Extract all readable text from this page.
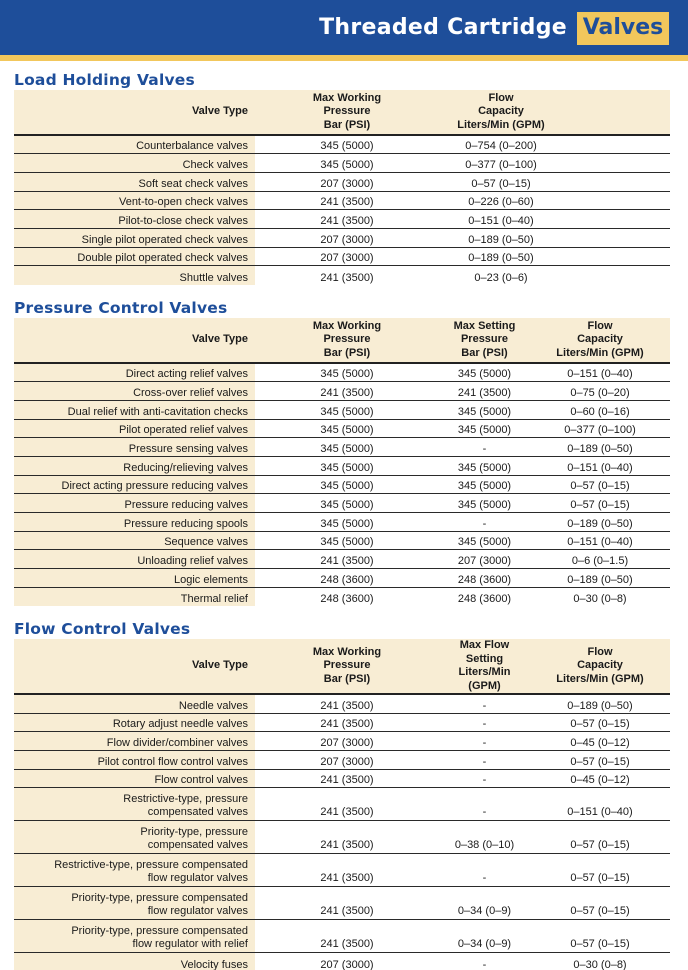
Threaded Cartridge Valves
Load Holding Valves
Valve Type	Max Working
Pressure
Bar (PSI)	Flow
Capacity
Liters/Min (GPM)	
Counterbalance valves	345 (5000)	0–754 (0–200)	
Check valves	345 (5000)	0–377 (0–100)	
Soft seat check valves	207 (3000)	0–57 (0–15)	
Vent-to-open check valves	241 (3500)	0–226 (0–60)	
Pilot-to-close check valves	241 (3500)	0–151 (0–40)	
Single pilot operated check valves	207 (3000)	0–189 (0–50)	
Double pilot operated check valves	207 (3000)	0–189 (0–50)	
Shuttle valves	241 (3500)	0–23 (0–6)	
Pressure Control Valves
Valve Type	Max Working
Pressure
Bar (PSI)	Max Setting
Pressure
Bar (PSI)	Flow
Capacity
Liters/Min (GPM)
Direct acting relief valves	345 (5000)	345 (5000)	0–151 (0–40)
Cross-over relief valves	241 (3500)	241 (3500)	0–75 (0–20)
Dual relief with anti-cavitation checks	345 (5000)	345 (5000)	0–60 (0–16)
Pilot operated relief valves	345 (5000)	345 (5000)	0–377 (0–100)
Pressure sensing valves	345 (5000)	-	0–189 (0–50)
Reducing/relieving valves	345 (5000)	345 (5000)	0–151 (0–40)
Direct acting pressure reducing valves	345 (5000)	345 (5000)	0–57 (0–15)
Pressure reducing valves	345 (5000)	345 (5000)	0–57 (0–15)
Pressure reducing spools	345 (5000)	-	0–189 (0–50)
Sequence valves	345 (5000)	345 (5000)	0–151 (0–40)
Unloading relief valves	241 (3500)	207 (3000)	0–6 (0–1.5)
Logic elements	248 (3600)	248 (3600)	0–189 (0–50)
Thermal relief	248 (3600)	248 (3600)	0–30 (0–8)
Flow Control Valves
Valve Type	Max Working
Pressure
Bar (PSI)	Max Flow
Setting
Liters/Min (GPM)	Flow
Capacity
Liters/Min (GPM)
Needle valves	241 (3500)	-	0–189 (0–50)
Rotary adjust needle valves	241 (3500)	-	0–57 (0–15)
Flow divider/combiner valves	207 (3000)	-	0–45 (0–12)
Pilot control flow control valves	207 (3000)	-	0–57 (0–15)
Flow control valves	241 (3500)	-	0–45 (0–12)
Restrictive-type, pressure
compensated valves	241 (3500)	-	0–151 (0–40)
Priority-type, pressure
compensated valves	241 (3500)	0–38 (0–10)	0–57 (0–15)
Restrictive-type, pressure compensated
flow regulator valves	241 (3500)	-	0–57 (0–15)
Priority-type, pressure compensated
flow regulator valves	241 (3500)	0–34 (0–9)	0–57 (0–15)
Priority-type, pressure compensated
flow regulator with relief	241 (3500)	0–34 (0–9)	0–57 (0–15)
Velocity fuses	207 (3000)	-	0–30 (0–8)
